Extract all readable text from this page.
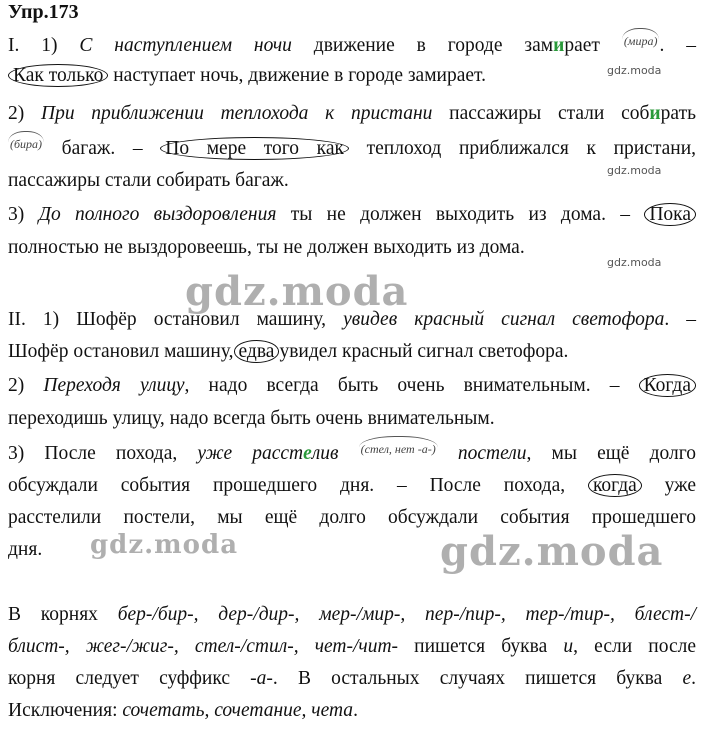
Упр.173
I. 1) С наступлением ночи движение в городе замирает (мира) . –
Как только наступает ночь, движение в городе замирает.	gdz.moda
2) При приближении теплохода к пристани пассажиры стали собирать
(бира) багаж. – По мере того как теплоход приближался к пристани,
пассажиры стали собирать багаж.	gdz.moda
3) До полного выздоровления ты не должен выходить из дома. – Пока
полностью не выздоровеешь, ты не должен выходить из дома.
gdz.moda
gdz.moda
II. 1) Шофёр остановил машину, увидев красный сигнал светофора. –
Шофёр остановил машину, едва увидел красный сигнал светофора.
2) Переходя улицу, надо всегда быть очень внимательным. – Когда
переходишь улицу, надо всегда быть очень внимательным.
3) После похода, уже расстелив (стел, нет -а-) постели, мы ещё долго
обсуждали события прошедшего дня. – После похода, когда уже
расстелили постели, мы ещё долго обсуждали события прошедшего
дня. gdz.moda	gdz.moda
В корнях бер-/бир-, дер-/дир-, мер-/мир-, пер-/пир-, тер-/тир-, блест-/
блист-, жег-/жиг-, стел-/стил-, чет-/чит- пишется буква и, если после
корня следует суффикс -а-. В остальных случаях пишется буква е.
Исключения: сочетать, сочетание, чета.
